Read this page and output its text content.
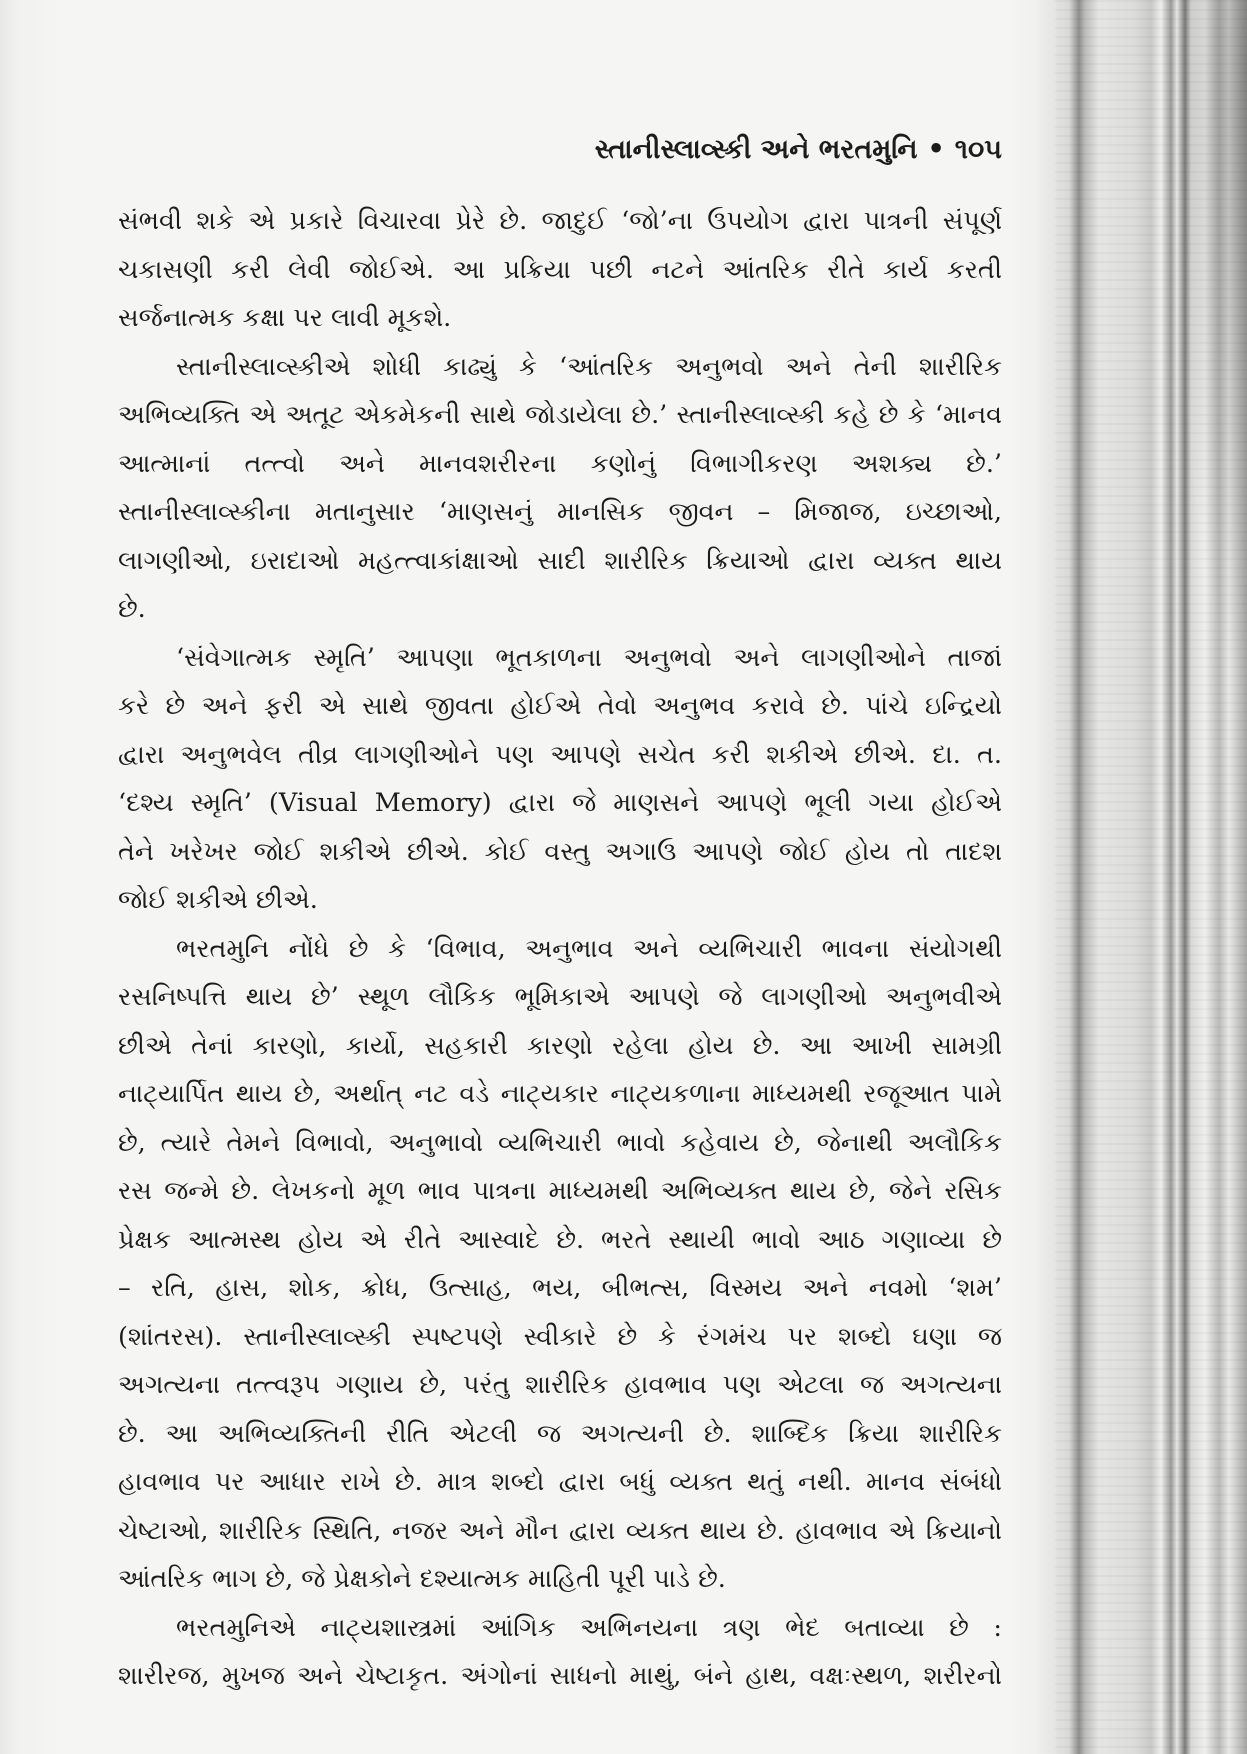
સ્તાનીસ્લાવ્સ્કી અને ભરતમુનિ • ૧૦૫
સંભવી શકે એ પ્રકારે વિચારવા પ્રેરે છે. જાદુઈ ‘જો’ના ઉપયોગ દ્વારા પાત્રની સંપૂર્ણ
ચકાસણી કરી લેવી જોઈએ. આ પ્રક્રિયા પછી નટને આંતરિક રીતે કાર્ય કરતી
સર્જનાત્મક કક્ષા પર લાવી મૂકશે.
સ્તાનીસ્લાવ્સ્કીએ શોધી કાઢ્યું કે ‘આંતરિક અનુભવો અને તેની શારીરિક
અભિવ્યક્તિ એ અતૂટ એકમેકની સાથે જોડાયેલા છે.’ સ્તાનીસ્લાવ્સ્કી કહે છે કે ‘માનવ
આત્માનાં તત્ત્વો અને માનવશરીરના કણોનું વિભાગીકરણ અશક્ય છે.’
સ્તાનીસ્લાવ્સ્કીના મતાનુસાર ‘માણસનું માનસિક જીવન – મિજાજ, ઇચ્છાઓ,
લાગણીઓ, ઇરાદાઓ મહત્ત્વાકાંક્ષાઓ સાદી શારીરિક ક્રિયાઓ દ્વારા વ્યક્ત થાય
છે.
‘સંવેગાત્મક સ્મૃતિ’ આપણા ભૂતકાળના અનુભવો અને લાગણીઓને તાજાં
કરે છે અને ફરી એ સાથે જીવતા હોઈએ તેવો અનુભવ કરાવે છે. પાંચે ઇન્દ્રિયો
દ્વારા અનુભવેલ તીવ્ર લાગણીઓને પણ આપણે સચેત કરી શકીએ છીએ. દા. ત.
‘દશ્ય સ્મૃતિ’ (Visual Memory) દ્વારા જે માણસને આપણે ભૂલી ગયા હોઈએ
તેને ખરેખર જોઈ શકીએ છીએ. કોઈ વસ્તુ અગાઉ આપણે જોઈ હોય તો તાદશ
જોઈ શકીએ છીએ.
ભરતમુનિ નોંધે છે કે ‘વિભાવ, અનુભાવ અને વ્યભિચારી ભાવના સંયોગથી
રસનિષ્પત્તિ થાય છે’ સ્થૂળ લૌકિક ભૂમિકાએ આપણે જે લાગણીઓ અનુભવીએ
છીએ તેનાં કારણો, કાર્યો, સહકારી કારણો રહેલા હોય છે. આ આખી સામગ્રી
નાટ્યાર્પિત થાય છે, અર્થાત્ નટ વડે નાટ્યકાર નાટ્યકળાના માધ્યમથી રજૂઆત પામે
છે, ત્યારે તેમને વિભાવો, અનુભાવો વ્યભિચારી ભાવો કહેવાય છે, જેનાથી અલૌકિક
રસ જન્મે છે. લેખકનો મૂળ ભાવ પાત્રના માધ્યમથી અભિવ્યક્ત થાય છે, જેને રસિક
પ્રેક્ષક આત્મસ્થ હોય એ રીતે આસ્વાદે છે. ભરતે સ્થાયી ભાવો આઠ ગણાવ્યા છે
– રતિ, હાસ, શોક, ક્રોધ, ઉત્સાહ, ભય, બીભત્સ, વિસ્મય અને નવમો ‘શમ’
(શાંતરસ). સ્તાનીસ્લાવ્સ્કી સ્પષ્ટપણે સ્વીકારે છે કે રંગમંચ પર શબ્દો ઘણા જ
અગત્યના તત્ત્વરૂપ ગણાય છે, પરંતુ શારીરિક હાવભાવ પણ એટલા જ અગત્યના
છે. આ અભિવ્યક્તિની રીતિ એટલી જ અગત્યની છે. શાબ્દિક ક્રિયા શારીરિક
હાવભાવ પર આધાર રાખે છે. માત્ર શબ્દો દ્વારા બધું વ્યક્ત થતું નથી. માનવ સંબંધો
ચેષ્ટાઓ, શારીરિક સ્થિતિ, નજર અને મૌન દ્વારા વ્યક્ત થાય છે. હાવભાવ એ ક્રિયાનો
આંતરિક ભાગ છે, જે પ્રેક્ષકોને દશ્યાત્મક માહિતી પૂરી પાડે છે.
ભરતમુનિએ નાટ્યશાસ્ત્રમાં આંગિક અભિનયના ત્રણ ભેદ બતાવ્યા છે :
શારીરજ, મુખજ અને ચેષ્ટાકૃત. અંગોનાં સાધનો માથું, બંને હાથ, વક્ષઃસ્થળ, શરીરનો
